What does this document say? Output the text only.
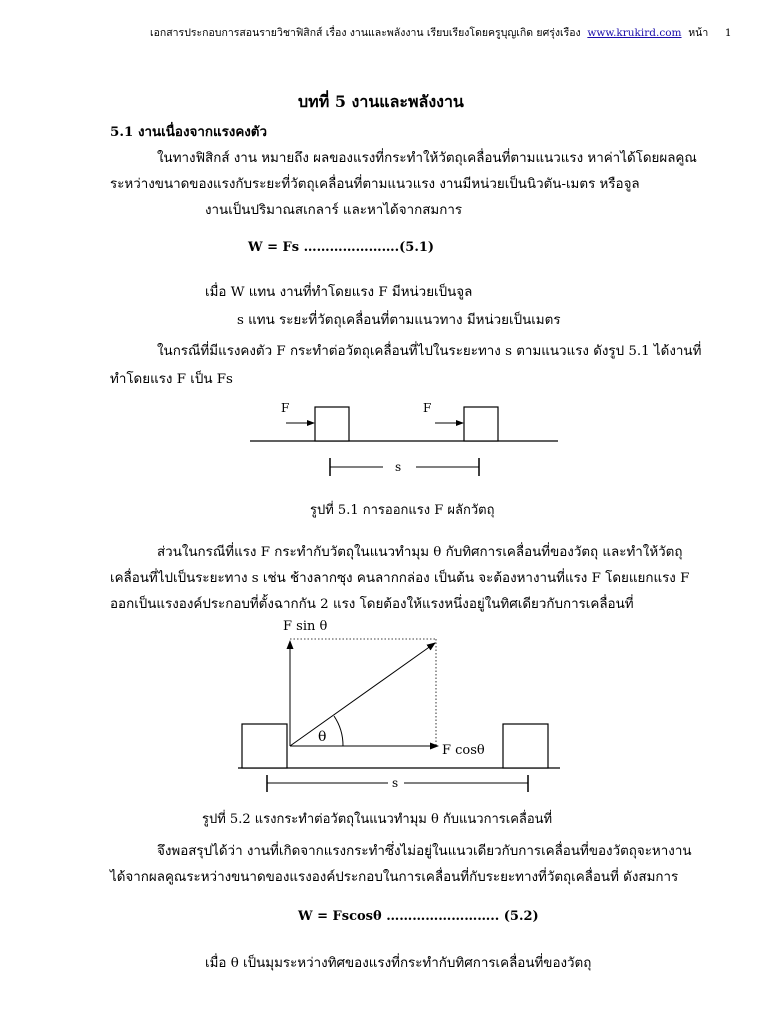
เอกสารประกอบการสอนรายวิชาฟิสิกส์ เรื่อง งานและพลังงาน เรียบเรียงโดยครูบุญเกิด ยศรุ่งเรือง www.krukird.com หน้า 1
บทที่ 5 งานและพลังงาน
5.1 งานเนื่องจากแรงคงตัว
ในทางฟิสิกส์ งาน หมายถึง ผลของแรงที่กระทำให้วัตถุเคลื่อนที่ตามแนวแรง หาค่าได้โดยผลคูณ
ระหว่างขนาดของแรงกับระยะที่วัตถุเคลื่อนที่ตามแนวแรง งานมีหน่วยเป็นนิวตัน-เมตร หรือจูล
งานเป็นปริมาณสเกลาร์ และหาได้จากสมการ
W = Fs ………………….(5.1)
เมื่อ W แทน งานที่ทำโดยแรง F มีหน่วยเป็นจูล
s แทน ระยะที่วัตถุเคลื่อนที่ตามแนวทาง มีหน่วยเป็นเมตร
ในกรณีที่มีแรงคงตัว F กระทำต่อวัตถุเคลื่อนที่ไปในระยะทาง s ตามแนวแรง ดังรูป 5.1 ได้งานที่
ทำโดยแรง F เป็น Fs
F	F
s
รูปที่ 5.1 การออกแรง F ผลักวัตถุ
ส่วนในกรณีที่แรง F กระทำกับวัตถุในแนวทำมุม θ กับทิศการเคลื่อนที่ของวัตถุ และทำให้วัตถุ
เคลื่อนที่ไปเป็นระยะทาง s เช่น ช้างลากซุง คนลากกล่อง เป็นต้น จะต้องหางานที่แรง F โดยแยกแรง F
ออกเป็นแรงองค์ประกอบที่ตั้งฉากกัน 2 แรง โดยต้องให้แรงหนึ่งอยู่ในทิศเดียวกับการเคลื่อนที่
F sin θ
θ
F cosθ
s
รูปที่ 5.2 แรงกระทำต่อวัตถุในแนวทำมุม θ กับแนวการเคลื่อนที่
จึงพอสรุปได้ว่า งานที่เกิดจากแรงกระทำซึ่งไม่อยู่ในแนวเดียวกับการเคลื่อนที่ของวัตถุจะหางาน
ได้จากผลคูณระหว่างขนาดของแรงองค์ประกอบในการเคลื่อนที่กับระยะทางที่วัตถุเคลื่อนที่ ดังสมการ
W = Fscosθ …………………….. (5.2)
เมื่อ θ เป็นมุมระหว่างทิศของแรงที่กระทำกับทิศการเคลื่อนที่ของวัตถุ
